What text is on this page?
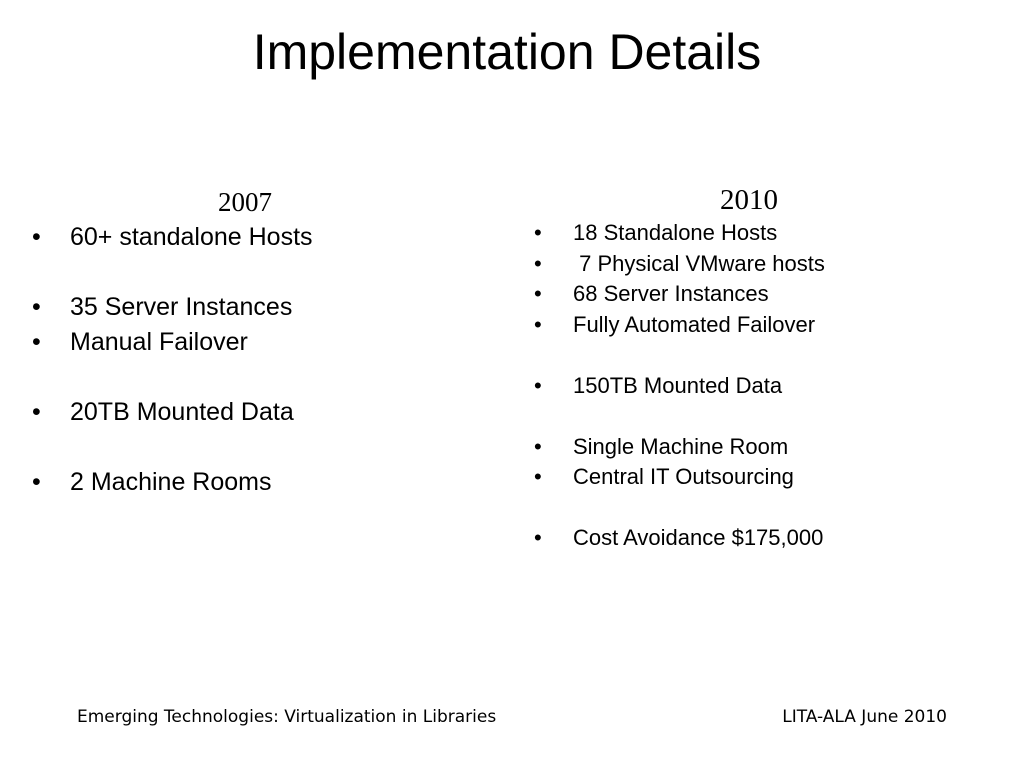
Implementation Details
2007
• 60+ standalone Hosts
• 35 Server Instances
• Manual Failover
• 20TB Mounted Data
• 2 Machine Rooms
2010
• 18 Standalone Hosts
• 7 Physical VMware hosts
• 68 Server Instances
• Fully Automated Failover
• 150TB Mounted Data
• Single Machine Room
• Central IT Outsourcing
• Cost Avoidance $175,000
Emerging Technologies: Virtualization in Libraries	LITA-ALA June 2010
